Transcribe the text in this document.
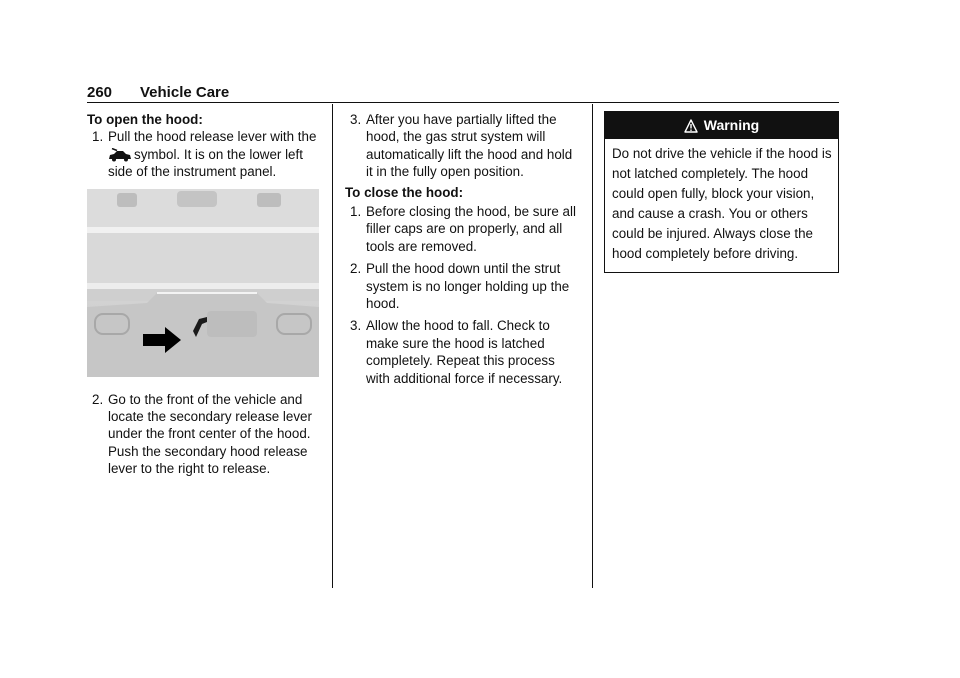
260	Vehicle Care

To open the hood:

1. Pull the hood release lever with the
symbol. It is on the lower left side of the instrument panel.
2. Go to the front of the vehicle and locate the secondary release lever under the front center of the hood. Push the secondary hood release lever to the right to release.
3. After you have partially lifted the hood, the gas strut system will automatically lift the hood and hold it in the fully open position.

To close the hood:

1. Before closing the hood, be sure all filler caps are on properly, and all tools are removed.
2. Pull the hood down until the strut system is no longer holding up the hood.
3. Allow the hood to fall. Check to make sure the hood is latched completely. Repeat this process with additional force if necessary.
Warning
Do not drive the vehicle if the hood is not latched completely. The hood could open fully, block your vision, and cause a crash. You or others could be injured. Always close the hood completely before driving.
